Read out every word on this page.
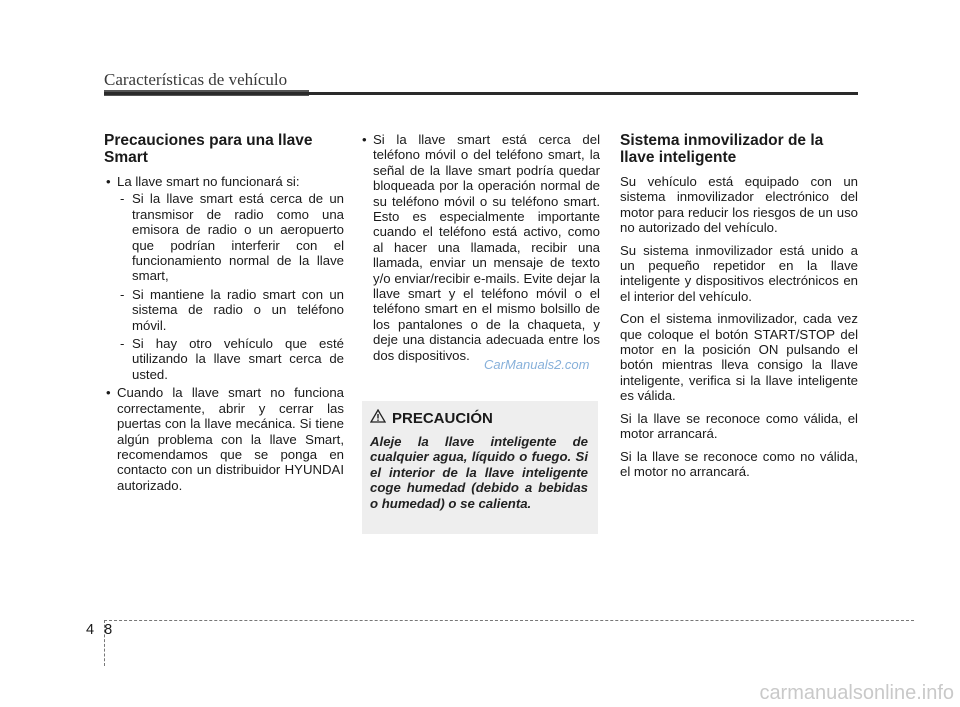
Características de vehículo
Precauciones para una llave Smart
• La llave smart no funcionará si:
- Si la llave smart está cerca de un transmisor de radio como una emisora de radio o un aeropuerto que podrían interferir con el funcionamiento normal de la llave smart,
- Si mantiene la radio smart con un sistema de radio o un teléfono móvil.
- Si hay otro vehículo que esté utilizando la llave smart cerca de usted.
• Cuando la llave smart no funciona correctamente, abrir y cerrar las puertas con la llave mecánica. Si tiene algún problema con la llave Smart, recomendamos que se ponga en contacto con un distribuidor HYUNDAI autorizado.
• Si la llave smart está cerca del teléfono móvil o del teléfono smart, la señal de la llave smart podría quedar bloqueada por la operación normal de su teléfono móvil o su teléfono smart. Esto es especialmente importante cuando el teléfono está activo, como al hacer una llamada, recibir una llamada, enviar un mensaje de texto y/o enviar/recibir e-mails. Evite dejar la llave smart y el teléfono móvil o el teléfono smart en el mismo bolsillo de los pantalones o de la chaqueta, y deje una distancia adecuada entre los dos dispositivos.
PRECAUCIÓN
Aleje la llave inteligente de cualquier agua, líquido o fuego. Si el interior de la llave inteligente coge humedad (debido a bebidas o humedad) o se calienta.
Sistema inmovilizador de la llave inteligente

Su vehículo está equipado con un sistema inmovilizador electrónico del motor para reducir los riesgos de un uso no autorizado del vehículo.

Su sistema inmovilizador está unido a un pequeño repetidor en la llave inteligente y dispositivos electrónicos en el interior del vehículo.

Con el sistema inmovilizador, cada vez que coloque el botón START/STOP del motor en la posición ON pulsando el botón mientras lleva consigo la llave inteligente, verifica si la llave inteligente es válida.

Si la llave se reconoce como válida, el motor arrancará.

Si la llave se reconoce como no válida, el motor no arrancará.

CarManuals2.com
48
carmanualsonline.info
